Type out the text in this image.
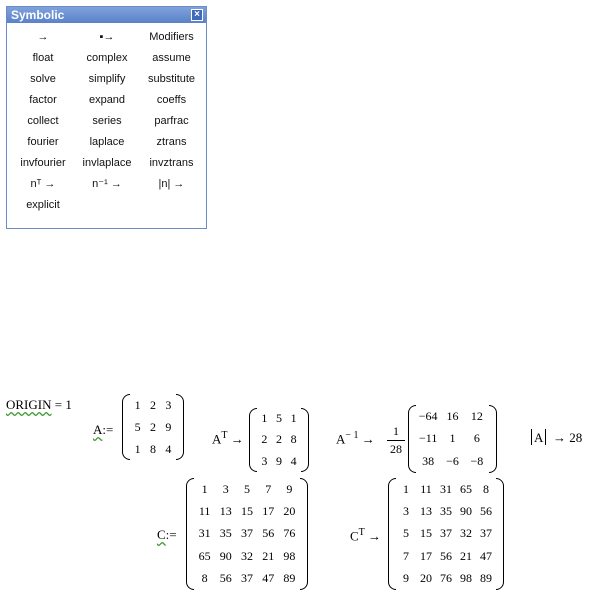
Symbolic	×
→	▪→	Modifiers
float	complex	assume
solve	simplify	substitute
factor	expand	coeffs
collect	series	parfrac
fourier	laplace	ztrans
invfourier	invlaplace	invztrans
nᵀ →	n⁻¹ →	|n| →
explicit
ORIGIN = 1
A:=
1 2 3
5 2 9
1 8 4
$A^T$ →
1 5 1
2 2 8
3 9 4
$A^{- 1}$ →
1
28
−64 16 12
−11 1 6
38 −6 −8
A → 28
C:=
1 3 5 7 9
11 13 15 17 20
31 35 37 56 76
65 90 32 21 98
8 56 37 47 89
$C^T$ →
1 11 31 65 8
3 13 35 90 56
5 15 37 32 37
7 17 56 21 47
9 20 76 98 89
